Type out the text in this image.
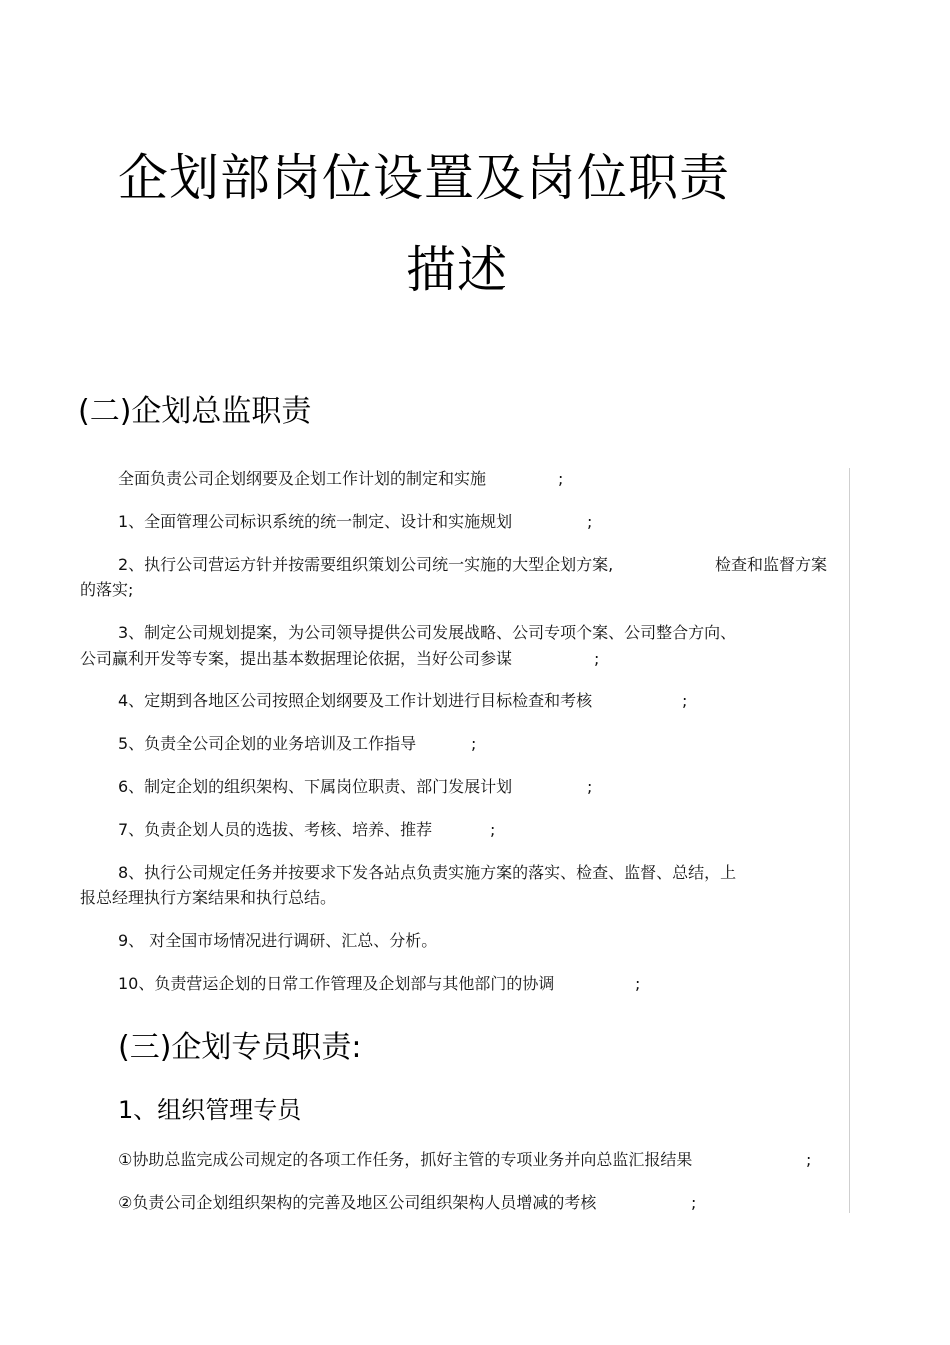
企划部岗位设置及岗位职责
描述
(二)企划总监职责
全面负责公司企划纲要及企划工作计划的制定和实施	;
1、全面管理公司标识系统的统一制定、设计和实施规划	;
2、执行公司营运方针并按需要组织策划公司统一实施的大型企划方案,	检查和监督方案
的落实;
3、制定公司规划提案，为公司领导提供公司发展战略、公司专项个案、公司整合方向、
公司赢利开发等专案，提出基本数据理论依据，当好公司参谋	;
4、定期到各地区公司按照企划纲要及工作计划进行目标检查和考核	;
5、负责全公司企划的业务培训及工作指导	;
6、制定企划的组织架构、下属岗位职责、部门发展计划	;
7、负责企划人员的选拔、考核、培养、推荐	;
8、执行公司规定任务并按要求下发各站点负责实施方案的落实、检查、监督、总结，上
报总经理执行方案结果和执行总结。
9、 对全国市场情况进行调研、汇总、分析。
10、负责营运企划的日常工作管理及企划部与其他部门的协调	;
(三)企划专员职责:
1、组织管理专员
①协助总监完成公司规定的各项工作任务，抓好主管的专项业务并向总监汇报结果	;
②负责公司企划组织架构的完善及地区公司组织架构人员增减的考核	;
